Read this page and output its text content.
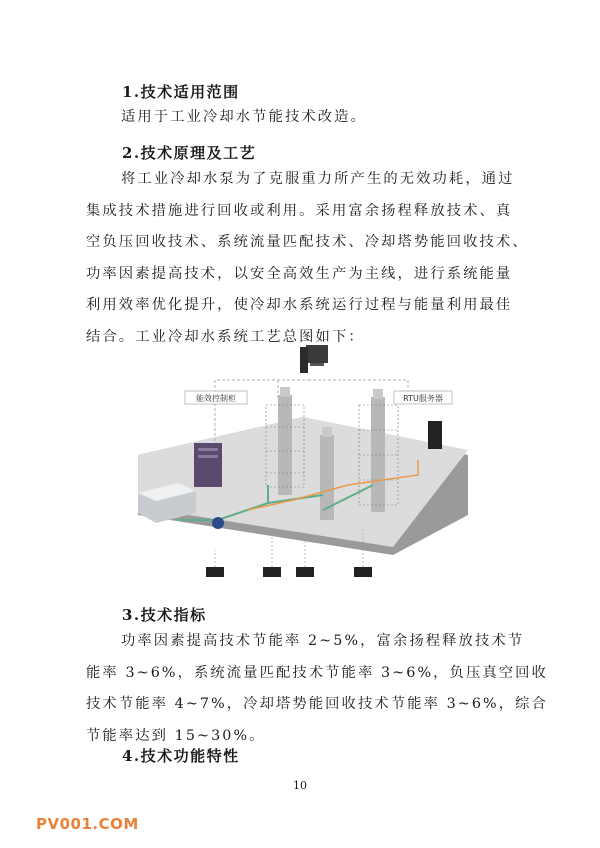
1.技术适用范围

适用于工业冷却水节能技术改造。

2.技术原理及工艺

将工业冷却水泵为了克服重力所产生的无效功耗，通过
集成技术措施进行回收或利用。采用富余扬程释放技术、真
空负压回收技术、系统流量匹配技术、冷却塔势能回收技术、
功率因素提高技术，以安全高效生产为主线，进行系统能量
利用效率优化提升，使冷却水系统运行过程与能量利用最佳
结合。工业冷却水系统工艺总图如下：

能效控制柜	RTU服务器
3.技术指标

功率因素提高技术节能率 2~5%，富余扬程释放技术节
能率 3~6%，系统流量匹配技术节能率 3~6%，负压真空回收
技术节能率 4~7%，冷却塔势能回收技术节能率 3~6%，综合
节能率达到 15~30%。

4.技术功能特性
10
PV001.COM
